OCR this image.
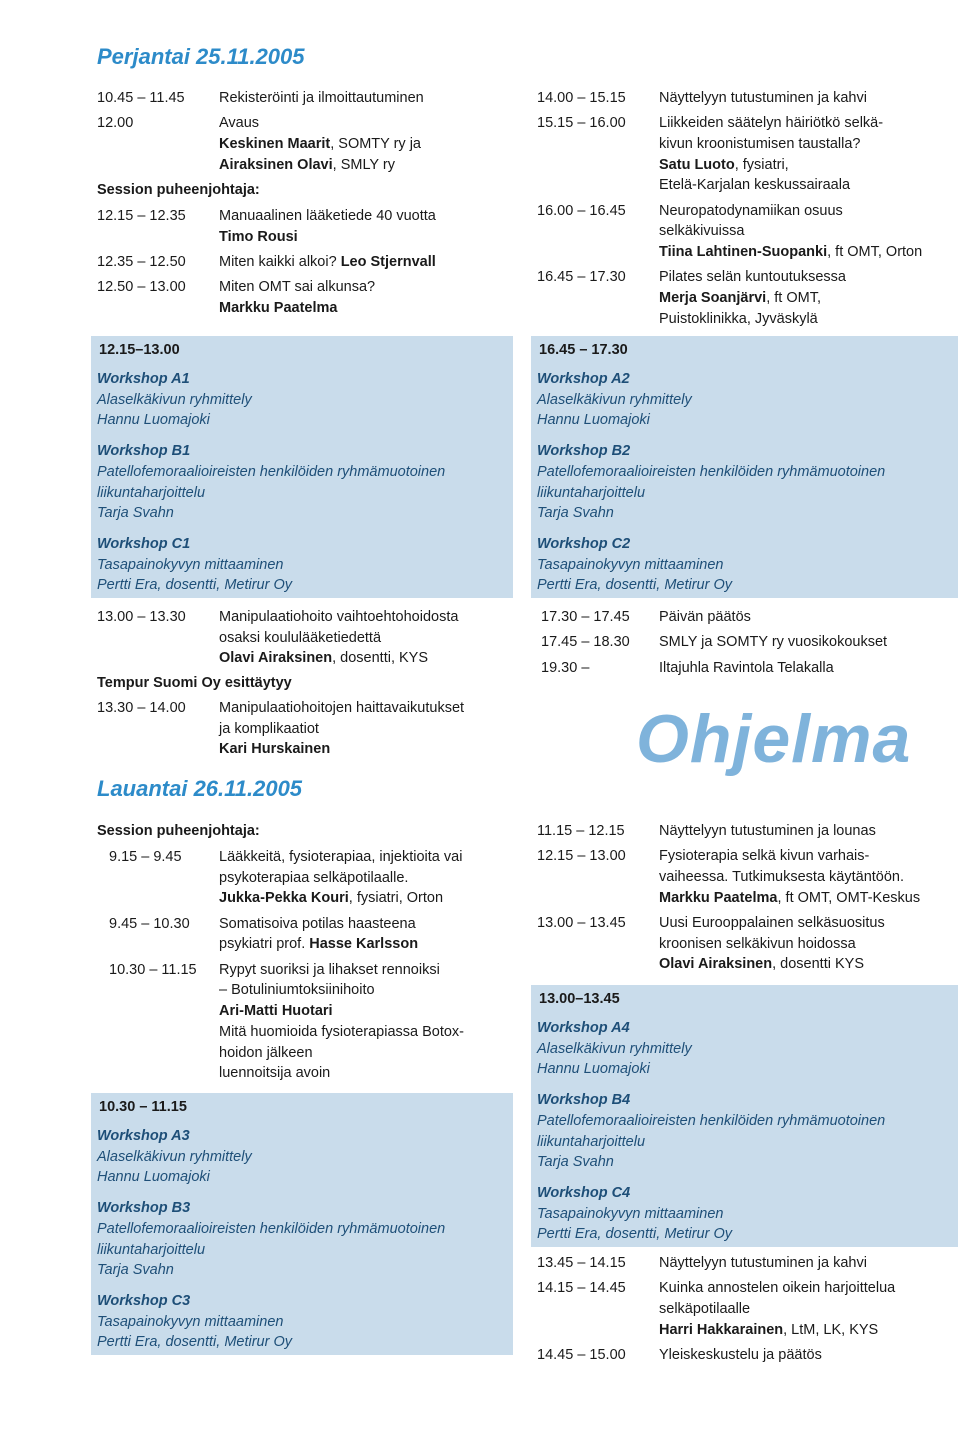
Perjantai 25.11.2005
10.45 – 11.45 Rekisteröinti ja ilmoittautuminen
12.00	Avaus
Keskinen Maarit, SOMTY ry ja
Airaksinen Olavi, SMLY ry
Session puheenjohtaja:
12.15 – 12.35 Manuaalinen lääketiede 40 vuotta
Timo Rousi
12.35 – 12.50 Miten kaikki alkoi? Leo Stjernvall
12.50 – 13.00 Miten OMT sai alkunsa?
Markku Paatelma
14.00 – 15.15 Näyttelyyn tutustuminen ja kahvi
15.15 – 16.00 Liikkeiden säätelyn häiriötkö selkä-
kivun kroonistumisen taustalla?
Satu Luoto, fysiatri,
Etelä-Karjalan keskussairaala
16.00 – 16.45 Neuropatodynamiikan osuus
selkäkivuissa
Tiina Lahtinen-Suopanki, ft OMT, Orton
16.45 – 17.30 Pilates selän kuntoutuksessa
Merja Soanjärvi, ft OMT,
Puistoklinikka, Jyväskylä
12.15–13.00
Workshop A1
Alaselkäkivun ryhmittely
Hannu Luomajoki
Workshop B1
Patellofemoraalioireisten henkilöiden ryhmämuotoinen
liikuntaharjoittelu
Tarja Svahn
Workshop C1
Tasapainokyvyn mittaaminen
Pertti Era, dosentti, Metirur Oy
16.45 – 17.30
Workshop A2
Alaselkäkivun ryhmittely
Hannu Luomajoki
Workshop B2
Patellofemoraalioireisten henkilöiden ryhmämuotoinen
liikuntaharjoittelu
Tarja Svahn
Workshop C2
Tasapainokyvyn mittaaminen
Pertti Era, dosentti, Metirur Oy
13.00 – 13.30 Manipulaatiohoito vaihtoehtohoidosta
osaksi koululääketiedettä
Olavi Airaksinen, dosentti, KYS
Tempur Suomi Oy esittäytyy
13.30 – 14.00 Manipulaatiohoitojen haittavaikutukset
ja komplikaatiot
Kari Hurskainen
17.30 – 17.45 Päivän päätös
17.45 – 18.30 SMLY ja SOMTY ry vuosikokoukset
19.30 –	Iltajuhla Ravintola Telakalla
Ohjelma
Lauantai 26.11.2005
Session puheenjohtaja:
9.15 – 9.45	Lääkkeitä, fysioterapiaa, injektioita vai
psykoterapiaa selkäpotilaalle.
Jukka-Pekka Kouri, fysiatri, Orton
9.45 – 10.30 Somatisoiva potilas haasteena
psykiatri prof. Hasse Karlsson
10.30 – 11.15 Rypyt suoriksi ja lihakset rennoiksi
– Botuliniumtoksiinihoito
Ari-Matti Huotari
Mitä huomioida fysioterapiassa Botox-
hoidon jälkeen
luennoitsija avoin
11.15 – 12.15 Näyttelyyn tutustuminen ja lounas
12.15 – 13.00 Fysioterapia selkä kivun varhais-
vaiheessa. Tutkimuksesta käytäntöön.
Markku Paatelma, ft OMT, OMT-Keskus
13.00 – 13.45 Uusi Eurooppalainen selkäsuositus
kroonisen selkäkivun hoidossa
Olavi Airaksinen, dosentti KYS
10.30 – 11.15
Workshop A3
Alaselkäkivun ryhmittely
Hannu Luomajoki
Workshop B3
Patellofemoraalioireisten henkilöiden ryhmämuotoinen
liikuntaharjoittelu
Tarja Svahn
Workshop C3
Tasapainokyvyn mittaaminen
Pertti Era, dosentti, Metirur Oy
13.00–13.45
Workshop A4
Alaselkäkivun ryhmittely
Hannu Luomajoki
Workshop B4
Patellofemoraalioireisten henkilöiden ryhmämuotoinen
liikuntaharjoittelu
Tarja Svahn
Workshop C4
Tasapainokyvyn mittaaminen
Pertti Era, dosentti, Metirur Oy
13.45 – 14.15 Näyttelyyn tutustuminen ja kahvi
14.15 – 14.45 Kuinka annostelen oikein harjoittelua
selkäpotilaalle
Harri Hakkarainen, LtM, LK, KYS
14.45 – 15.00 Yleiskeskustelu ja päätös
